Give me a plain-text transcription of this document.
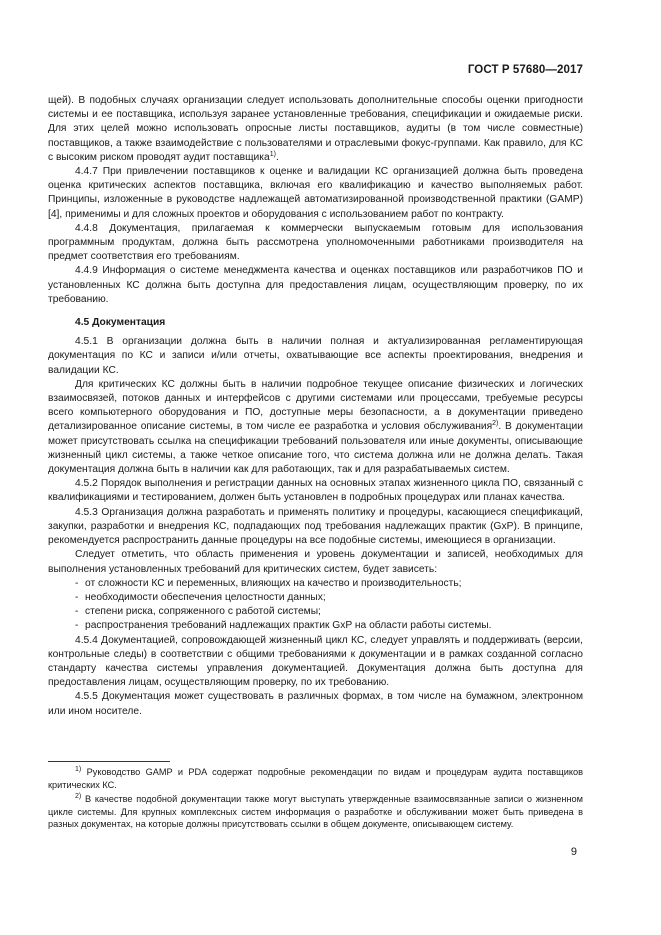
ГОСТ Р 57680—2017

щей). В подобных случаях организации следует использовать дополнительные способы оценки пригодности системы и ее поставщика, используя заранее установленные требования, спецификации и ожидаемые риски. Для этих целей можно использовать опросные листы поставщиков, аудиты (в том числе совместные) поставщиков, а также взаимодействие с пользователями и отраслевыми фокус-группами. Как правило, для КС с высоким риском проводят аудит поставщика$^{1)}$.

4.4.7 При привлечении поставщиков к оценке и валидации КС организацией должна быть проведена оценка критических аспектов поставщика, включая его квалификацию и качество выполняемых работ. Принципы, изложенные в руководстве надлежащей автоматизированной производственной практики (GAMP) [4], применимы и для сложных проектов и оборудования с использованием работ по контракту.

4.4.8 Документация, прилагаемая к коммерчески выпускаемым готовым для использования программным продуктам, должна быть рассмотрена уполномоченными работниками производителя на предмет соответствия его требованиям.

4.4.9 Информация о системе менеджмента качества и оценках поставщиков или разработчиков ПО и установленных КС должна быть доступна для предоставления лицам, осуществляющим проверку, по их требованию.

4.5 Документация

4.5.1 В организации должна быть в наличии полная и актуализированная регламентирующая документация по КС и записи и/или отчеты, охватывающие все аспекты проектирования, внедрения и валидации КС.

Для критических КС должны быть в наличии подробное текущее описание физических и логических взаимосвязей, потоков данных и интерфейсов с другими системами или процессами, требуемые ресурсы всего компьютерного оборудования и ПО, доступные меры безопасности, а в документации приведено детализированное описание системы, в том числе ее разработка и условия обслуживания$^{2)}$. В документации может присутствовать ссылка на спецификации требований пользователя или иные документы, описывающие жизненный цикл системы, а также четкое описание того, что система должна или не должна делать. Такая документация должна быть в наличии как для работающих, так и для разрабатываемых систем.

4.5.2 Порядок выполнения и регистрации данных на основных этапах жизненного цикла ПО, связанный с квалификациями и тестированием, должен быть установлен в подробных процедурах или планах качества.

4.5.3 Организация должна разработать и применять политику и процедуры, касающиеся спецификаций, закупки, разработки и внедрения КС, подпадающих под требования надлежащих практик (GxP). В принципе, рекомендуется распространить данные процедуры на все подобные системы, имеющиеся в организации.

Следует отметить, что область применения и уровень документации и записей, необходимых для выполнения установленных требований для критических систем, будет зависеть:

- от сложности КС и переменных, влияющих на качество и производительность;
- необходимости обеспечения целостности данных;
- степени риска, сопряженного с работой системы;
- распространения требований надлежащих практик GxP на области работы системы.

4.5.4 Документацией, сопровождающей жизненный цикл КС, следует управлять и поддерживать (версии, контрольные следы) в соответствии с общими требованиями к документации и в рамках созданной согласно стандарту качества системы управления документацией. Документация должна быть доступна для предоставления лицам, осуществляющим проверку, по их требованию.

4.5.5 Документация может существовать в различных формах, в том числе на бумажном, электронном или ином носителе.

$^{1)}$ Руководство GAMP и PDA содержат подробные рекомендации по видам и процедурам аудита поставщиков критических КС.

$^{2)}$ В качестве подобной документации также могут выступать утвержденные взаимосвязанные записи о жизненном цикле системы. Для крупных комплексных систем информация о разработке и обслуживании может быть приведена в разных документах, на которые должны присутствовать ссылки в общем документе, описывающем систему.

9
